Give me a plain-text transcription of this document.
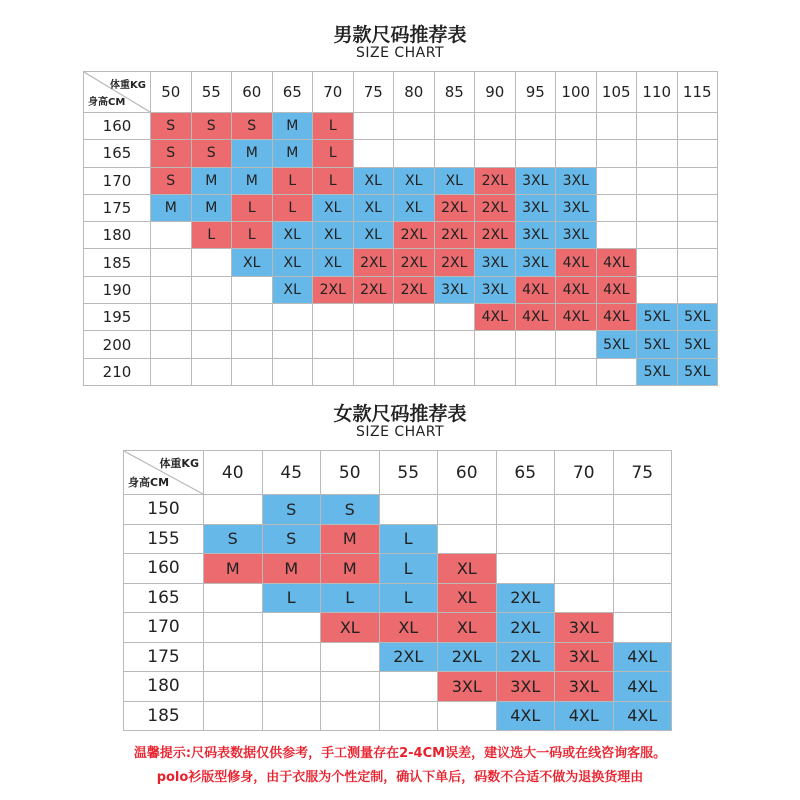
男款尺码推荐表
SIZE CHART
体重KG
身高CM	50	55	60	65	70	75	80	85	90	95	100	105	110	115
160	S	S	S	M	L									
165	S	S	M	M	L									
170	S	M	M	L	L	XL	XL	XL	2XL	3XL	3XL			
175	M	M	L	L	XL	XL	XL	2XL	2XL	3XL	3XL			
180		L	L	XL	XL	XL	2XL	2XL	2XL	3XL	3XL			
185			XL	XL	XL	2XL	2XL	2XL	3XL	3XL	4XL	4XL		
190				XL	2XL	2XL	2XL	3XL	3XL	4XL	4XL	4XL		
195									4XL	4XL	4XL	4XL	5XL	5XL
200												5XL	5XL	5XL
210													5XL	5XL
女款尺码推荐表
SIZE CHART
体重KG
身高CM	40	45	50	55	60	65	70	75
150		S	S					
155	S	S	M	L				
160	M	M	M	L	XL			
165		L	L	L	XL	2XL		
170			XL	XL	XL	2XL	3XL	
175				2XL	2XL	2XL	3XL	4XL
180					3XL	3XL	3XL	4XL
185						4XL	4XL	4XL
温馨提示:尺码表数据仅供参考，手工测量存在2-4CM误差，建议选大一码或在线咨询客服。
polo衫版型修身，由于衣服为个性定制，确认下单后，码数不合适不做为退换货理由
